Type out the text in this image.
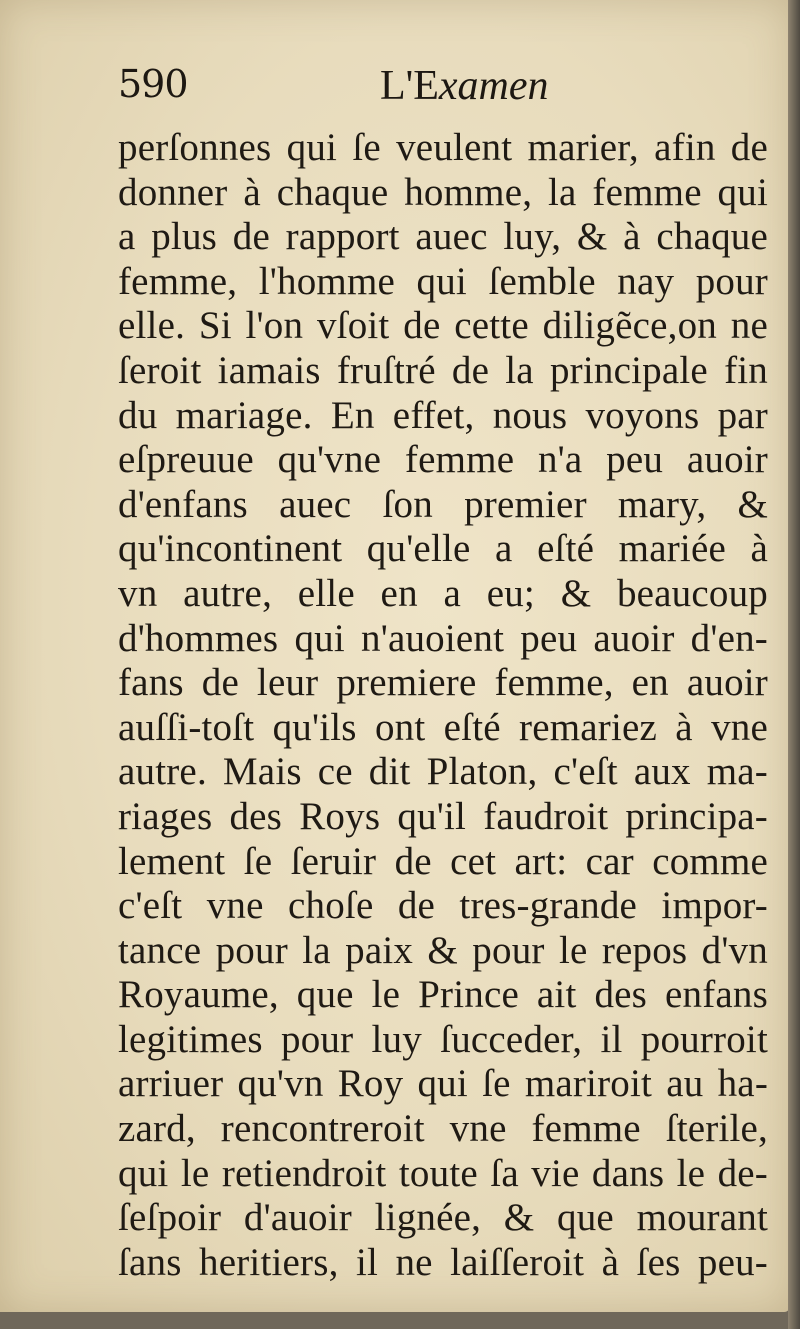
590	L'Examen
perſonnes qui ſe veulent marier, afin de
donner à chaque homme, la femme qui
a plus de rapport auec luy, & à chaque
femme, l'homme qui ſemble nay pour
elle. Si l'on vſoit de cette diligẽce,on ne
ſeroit iamais fruſtré de la principale fin
du mariage. En effet, nous voyons par
eſpreuue qu'vne femme n'a peu auoir
d'enfans auec ſon premier mary, &
qu'incontinent qu'elle a eſté mariée à
vn autre, elle en a eu; & beaucoup
d'hommes qui n'auoient peu auoir d'en-
fans de leur premiere femme, en auoir
auſſi-toſt qu'ils ont eſté remariez à vne
autre. Mais ce dit Platon, c'eſt aux ma-
riages des Roys qu'il faudroit principa-
lement ſe ſeruir de cet art: car comme
c'eſt vne choſe de tres-grande impor-
tance pour la paix & pour le repos d'vn
Royaume, que le Prince ait des enfans
legitimes pour luy ſucceder, il pourroit
arriuer qu'vn Roy qui ſe mariroit au ha-
zard, rencontreroit vne femme ſterile,
qui le retiendroit toute ſa vie dans le de-
ſeſpoir d'auoir lignée, & que mourant
ſans heritiers, il ne laiſſeroit à ſes peu-
